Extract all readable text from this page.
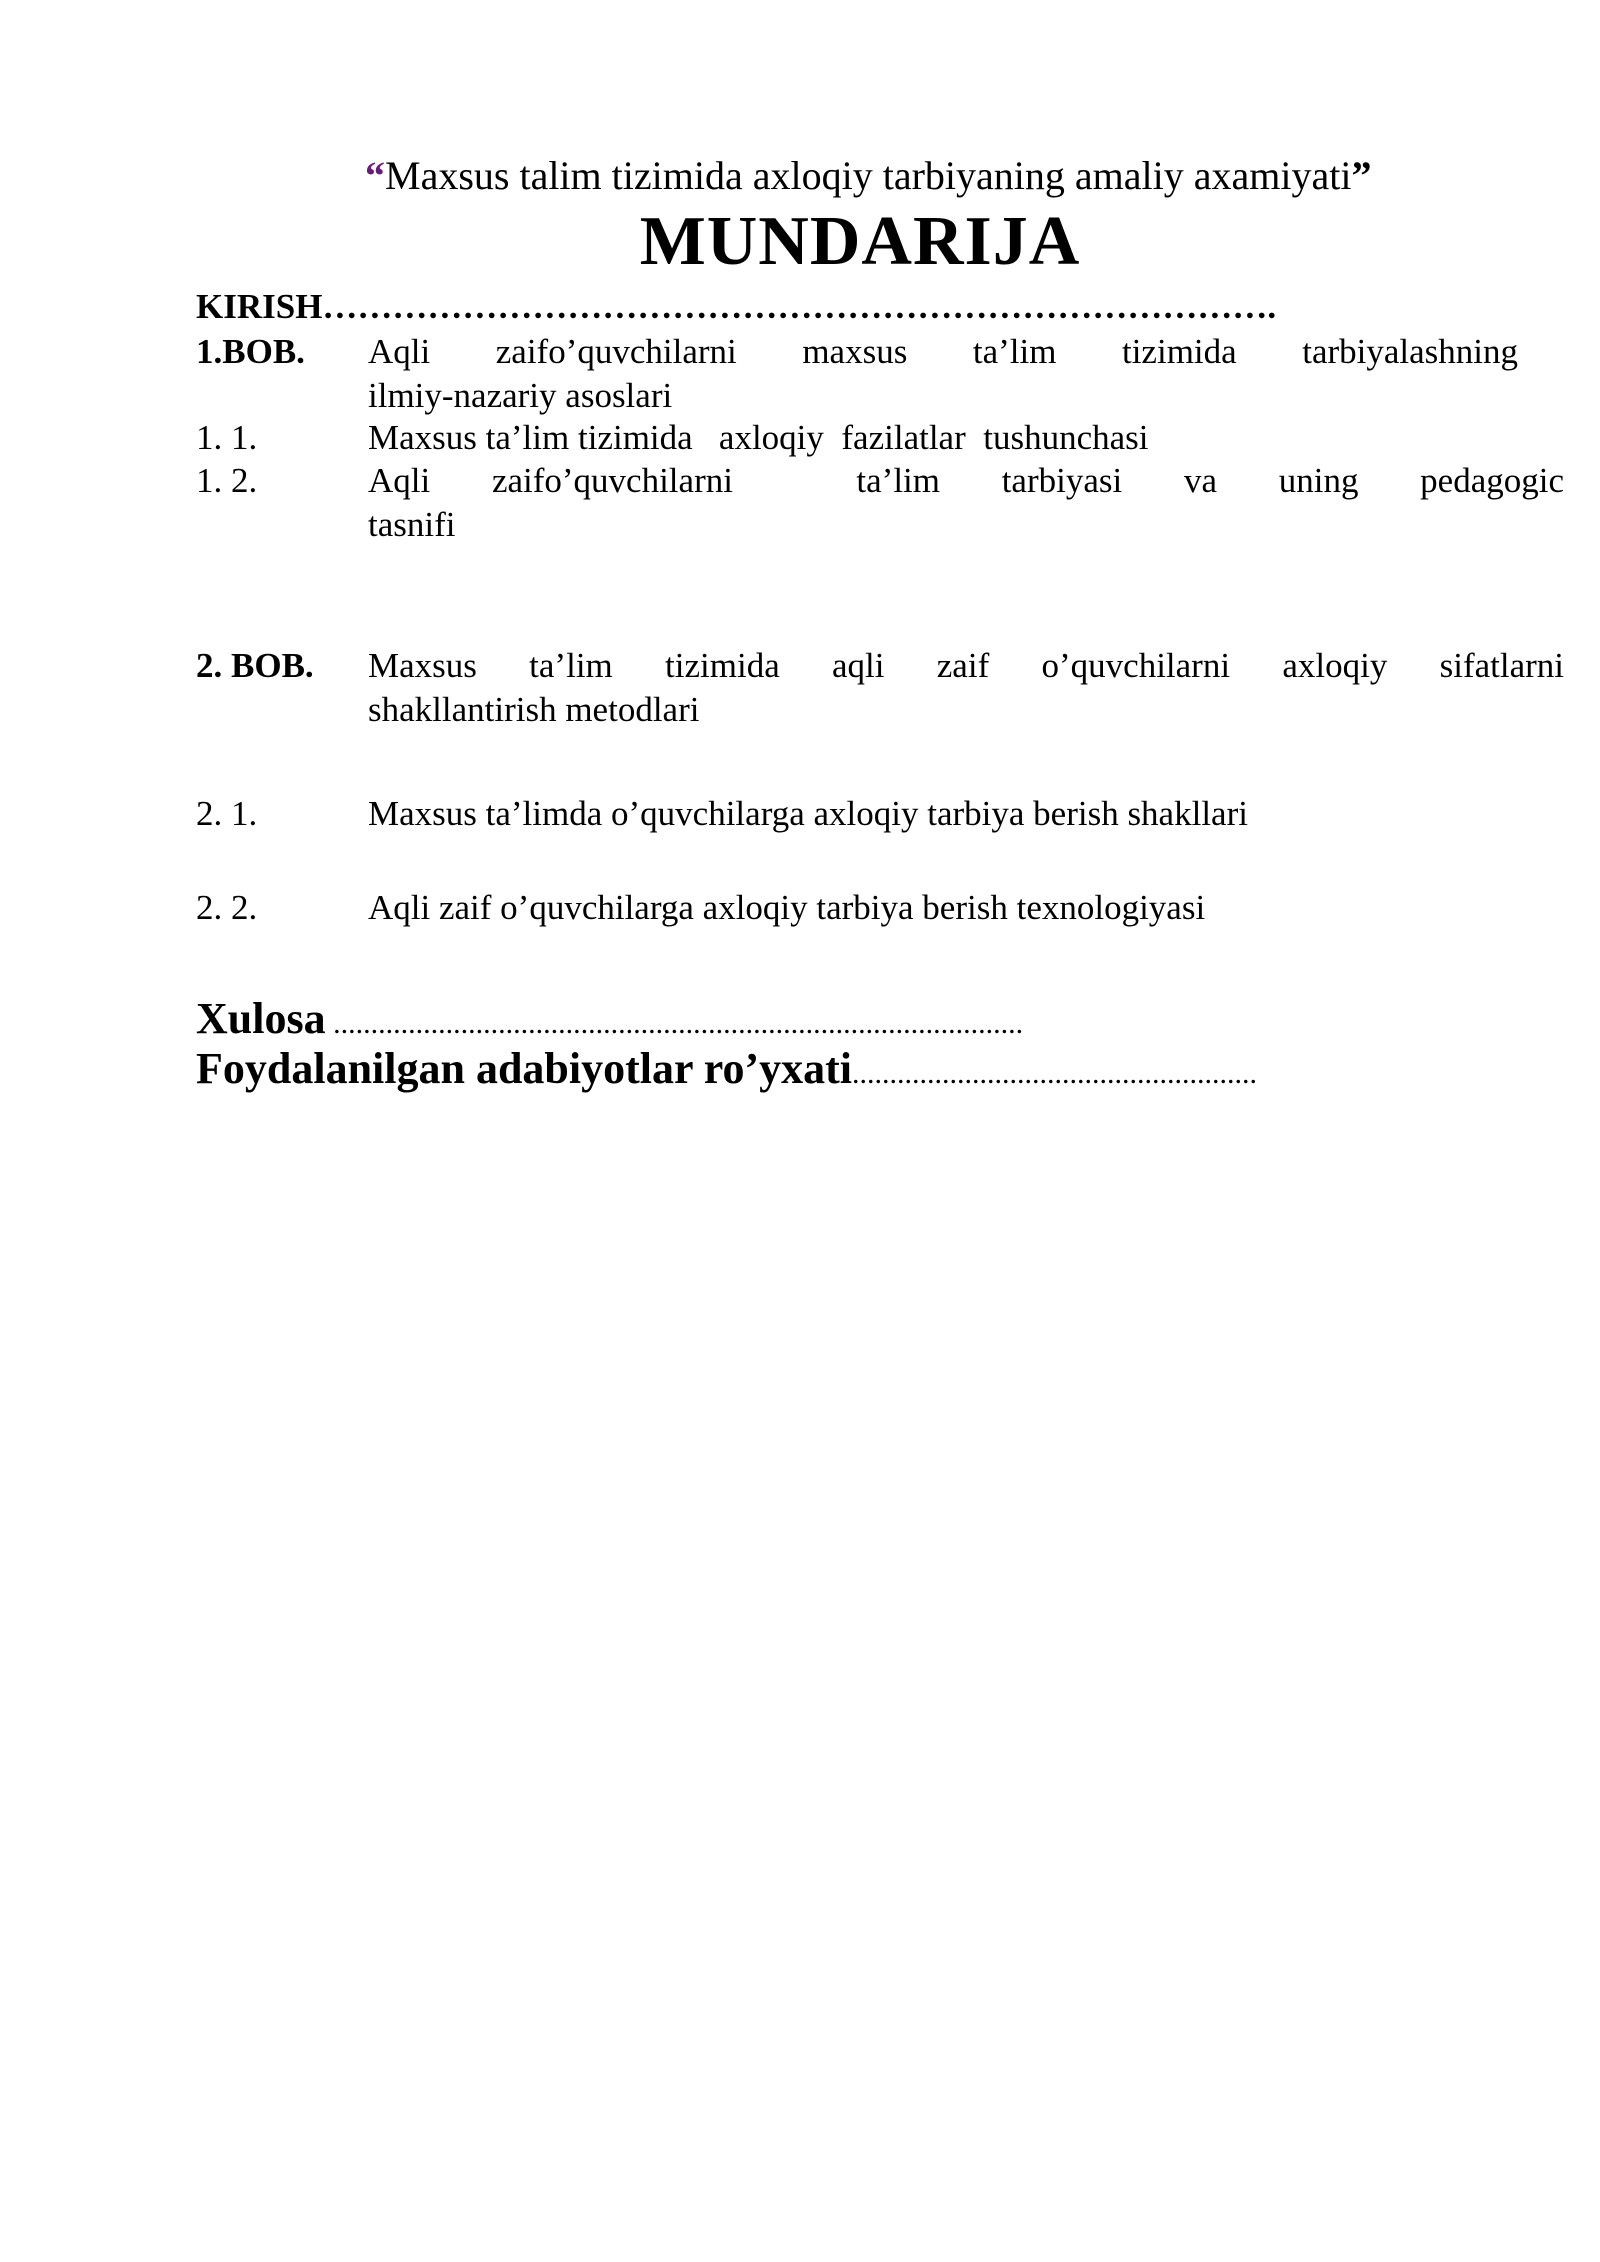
“Maxsus talim tizimida axloqiy tarbiyaning amaliy axamiyati”
MUNDARIJA
KIRISH……………………………………………………………………….
1.BOB. Aqli zaifo’quvchilarni maxsus ta’lim tizimida tarbiyalashning
ilmiy-nazariy asoslari
1. 1.	Maxsus ta’lim tizimida   axloqiy  fazilatlar  tushunchasi
1. 2.	Aqli  zaifo’quvchilarni    ta’lim  tarbiyasi  va  uning  pedagogic
tasnifi
2. BOB. Maxsus  ta’lim  tizimida  aqli  zaif  o’quvchilarni  axloqiy  sifatlarni
shakllantirish metodlari
2. 1.	Maxsus ta’limda o’quvchilarga axloqiy tarbiya berish shakllari
2. 2.	Aqli zaif o’quvchilarga axloqiy tarbiya berish texnologiyasi
Xulosa ............................................................................................
Foydalanilgan adabiyotlar ro’yxati......................................................
